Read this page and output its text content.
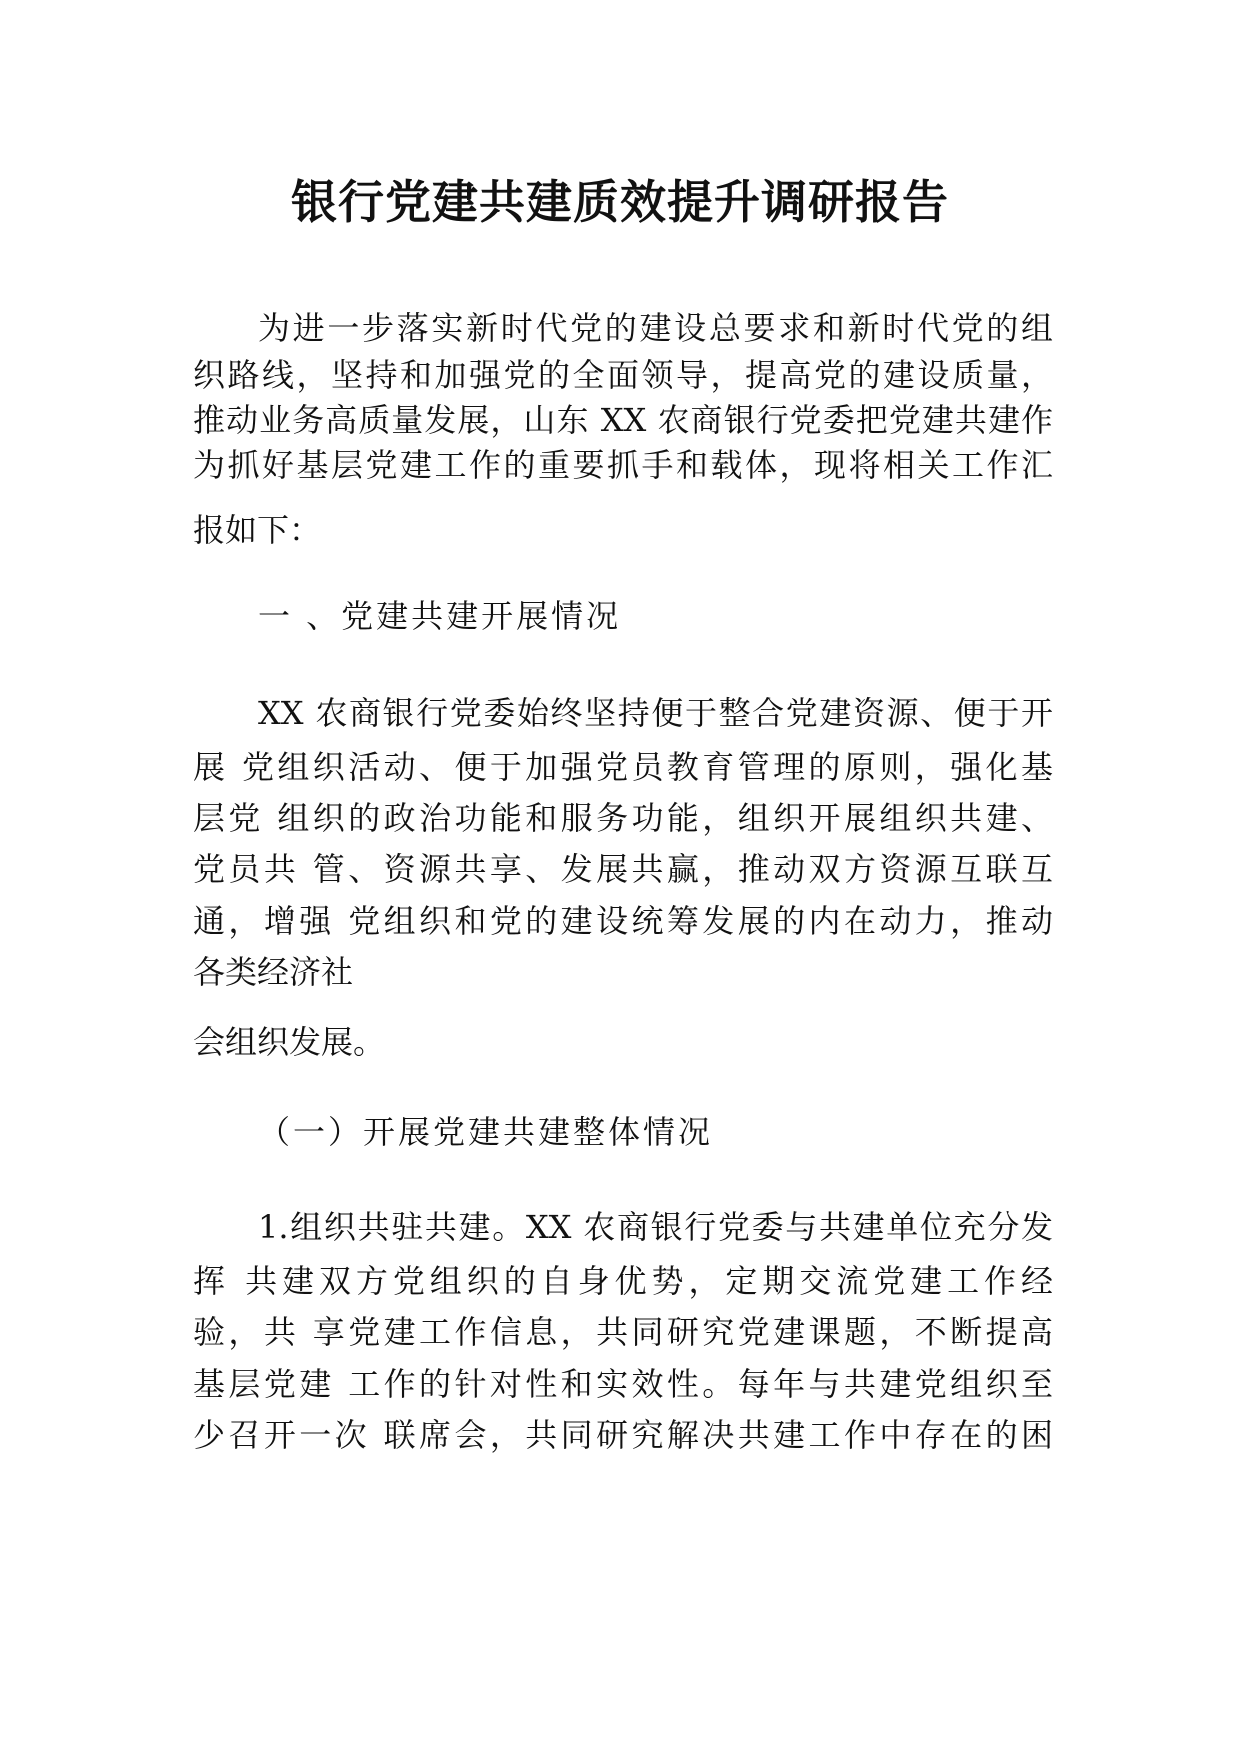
银行党建共建质效提升调研报告
为进一步落实新时代党的建设总要求和新时代党的组
织路线，坚持和加强党的全面领导，提高党的建设质量，
推动业务高质量发展，山东 XX 农商银行党委把党建共建作
为抓好基层党建工作的重要抓手和载体，现将相关工作汇
报如下：
一 、党建共建开展情况
XX 农商银行党委始终坚持便于整合党建资源、便于开
展 党组织活动、便于加强党员教育管理的原则，强化基
层党 组织的政治功能和服务功能，组织开展组织共建、
党员共 管、资源共享、发展共赢，推动双方资源互联互
通，增强 党组织和党的建设统筹发展的内在动力，推动
各类经济社
会组织发展。
（一）开展党建共建整体情况
1.组织共驻共建。XX 农商银行党委与共建单位充分发
挥 共建双方党组织的自身优势，定期交流党建工作经
验，共 享党建工作信息，共同研究党建课题，不断提高
基层党建 工作的针对性和实效性。每年与共建党组织至
少召开一次 联席会，共同研究解决共建工作中存在的困
